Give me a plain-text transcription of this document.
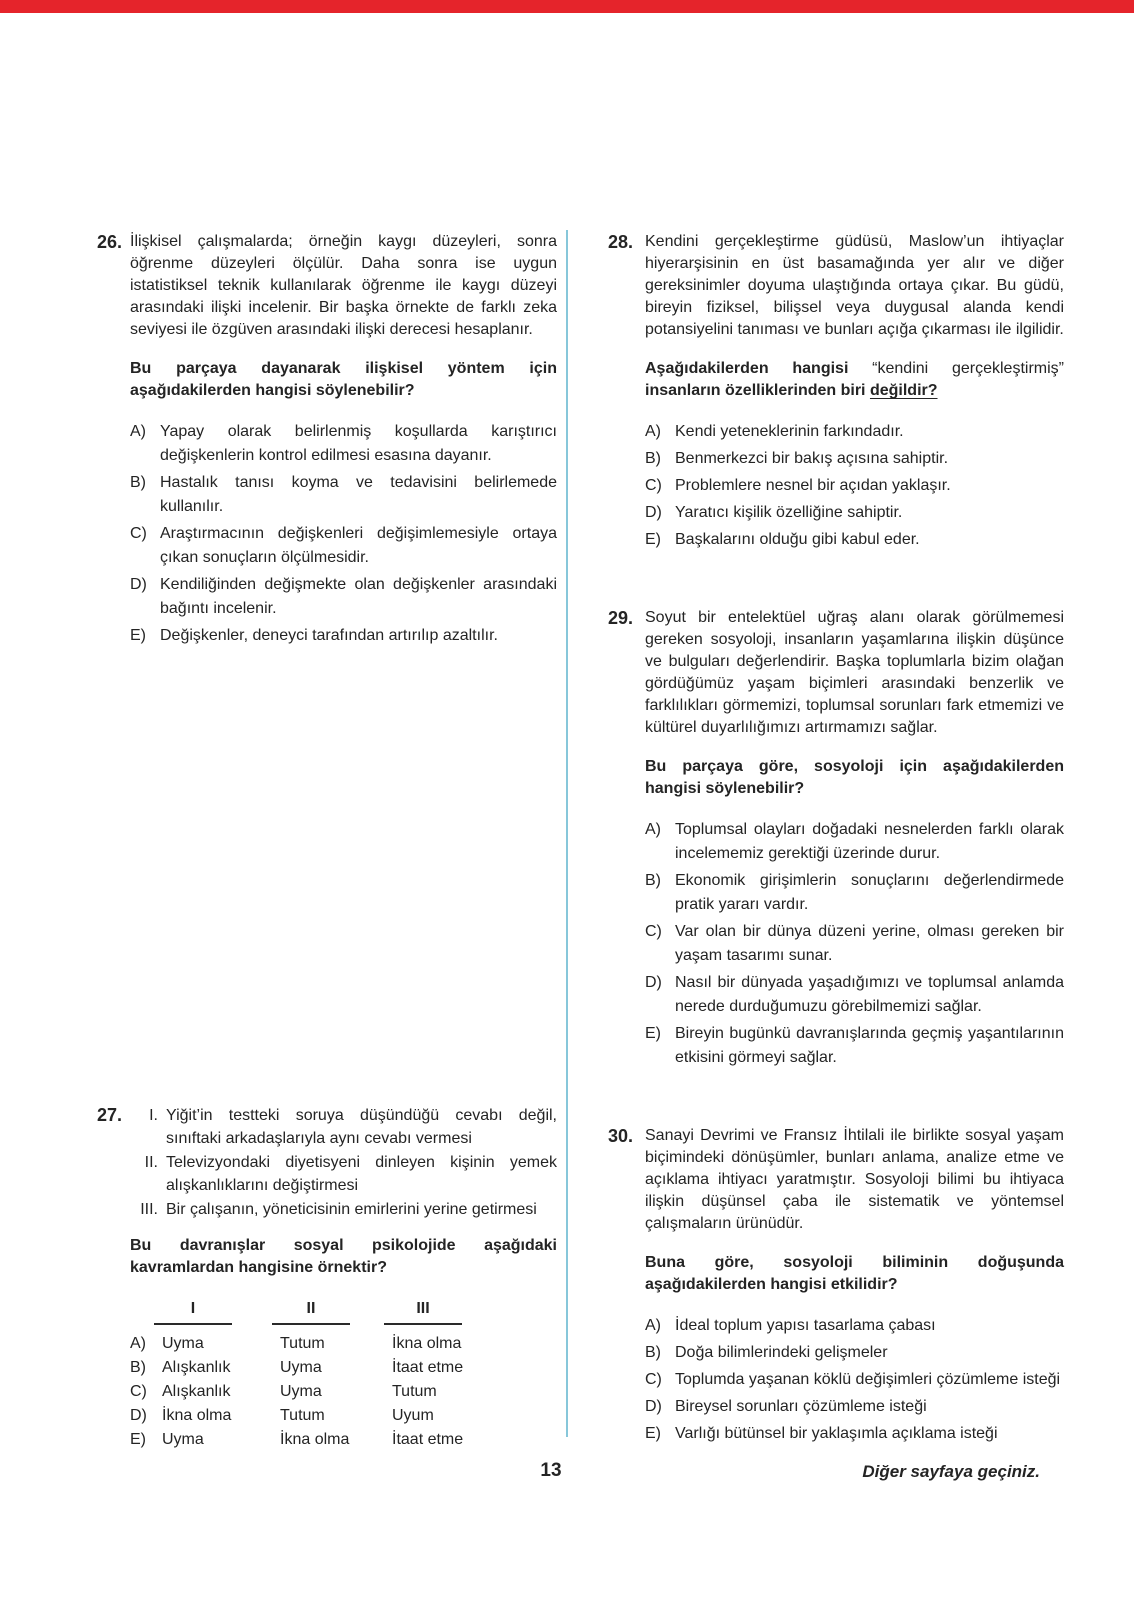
26. İlişkisel çalışmalarda; örneğin kaygı düzeyleri, sonra öğrenme düzeyleri ölçülür. Daha sonra ise uygun istatistiksel teknik kullanılarak öğrenme ile kaygı düzeyi arasındaki ilişki incelenir. Bir başka örnekte de farklı zeka seviyesi ile özgüven arasındaki ilişki derecesi hesaplanır.

Bu parçaya dayanarak ilişkisel yöntem için aşağıdakilerden hangisi söylenebilir?

A) Yapay olarak belirlenmiş koşullarda karıştırıcı değişkenlerin kontrol edilmesi esasına dayanır.
B) Hastalık tanısı koyma ve tedavisini belirlemede kullanılır.
C) Araştırmacının değişkenleri değişimlemesiyle ortaya çıkan sonuçların ölçülmesidir.
D) Kendiliğinden değişmekte olan değişkenler arasındaki bağıntı incelenir.
E) Değişkenler, deneyci tarafından artırılıp azaltılır.
27.	I. Yiğit’in testteki soruya düşündüğü cevabı değil, sınıftaki arkadaşlarıyla aynı cevabı vermesi
II. Televizyondaki diyetisyeni dinleyen kişinin yemek alışkanlıklarını değiştirmesi
III. Bir çalışanın, yöneticisinin emirlerini yerine getirmesi

Bu davranışlar sosyal psikolojide aşağıdaki kavramlardan hangisine örnektir?

I	II	III
A)	Uyma	Tutum	İkna olma
B)	Alışkanlık	Uyma	İtaat etme
C) Alışkanlık	Uyma	Tutum
D) İkna olma	Tutum	Uyum
E)	Uyma	İkna olma	İtaat etme
28. Kendini gerçekleştirme güdüsü, Maslow’un ihtiyaçlar hiyerarşisinin en üst basamağında yer alır ve diğer gereksinimler doyuma ulaştığında ortaya çıkar. Bu güdü, bireyin fiziksel, bilişsel veya duygusal alanda kendi potansiyelini tanıması ve bunları açığa çıkarması ile ilgilidir.

Aşağıdakilerden hangisi “kendini gerçekleştirmiş” insanların özelliklerinden biri değildir?

A) Kendi yeteneklerinin farkındadır.
B) Benmerkezci bir bakış açısına sahiptir.
C) Problemlere nesnel bir açıdan yaklaşır.
D) Yaratıcı kişilik özelliğine sahiptir.
E) Başkalarını olduğu gibi kabul eder.
29. Soyut bir entelektüel uğraş alanı olarak görülmemesi gereken sosyoloji, insanların yaşamlarına ilişkin düşünce ve bulguları değerlendirir. Başka toplumlarla bizim olağan gördüğümüz yaşam biçimleri arasındaki benzerlik ve farklılıkları görmemizi, toplumsal sorunları fark etmemizi ve kültürel duyarlılığımızı artırmamızı sağlar.

Bu parçaya göre, sosyoloji için aşağıdakilerden hangisi söylenebilir?

A) Toplumsal olayları doğadaki nesnelerden farklı olarak incelememiz gerektiği üzerinde durur.
B) Ekonomik girişimlerin sonuçlarını değerlendirmede pratik yararı vardır.
C) Var olan bir dünya düzeni yerine, olması gereken bir yaşam tasarımı sunar.
D) Nasıl bir dünyada yaşadığımızı ve toplumsal anlamda nerede durduğumuzu görebilmemizi sağlar.
E) Bireyin bugünkü davranışlarında geçmiş yaşantılarının etkisini görmeyi sağlar.
30. Sanayi Devrimi ve Fransız İhtilali ile birlikte sosyal yaşam biçimindeki dönüşümler, bunları anlama, analize etme ve açıklama ihtiyacı yaratmıştır. Sosyoloji bilimi bu ihtiyaca ilişkin düşünsel çaba ile sistematik ve yöntemsel çalışmaların ürünüdür.

Buna göre, sosyoloji biliminin doğuşunda aşağıdakilerden hangisi etkilidir?

A) İdeal toplum yapısı tasarlama çabası
B) Doğa bilimlerindeki gelişmeler
C) Toplumda yaşanan köklü değişimleri çözümleme isteği
D) Bireysel sorunları çözümleme isteği
E) Varlığı bütünsel bir yaklaşımla açıklama isteği
13	Diğer sayfaya geçiniz.
